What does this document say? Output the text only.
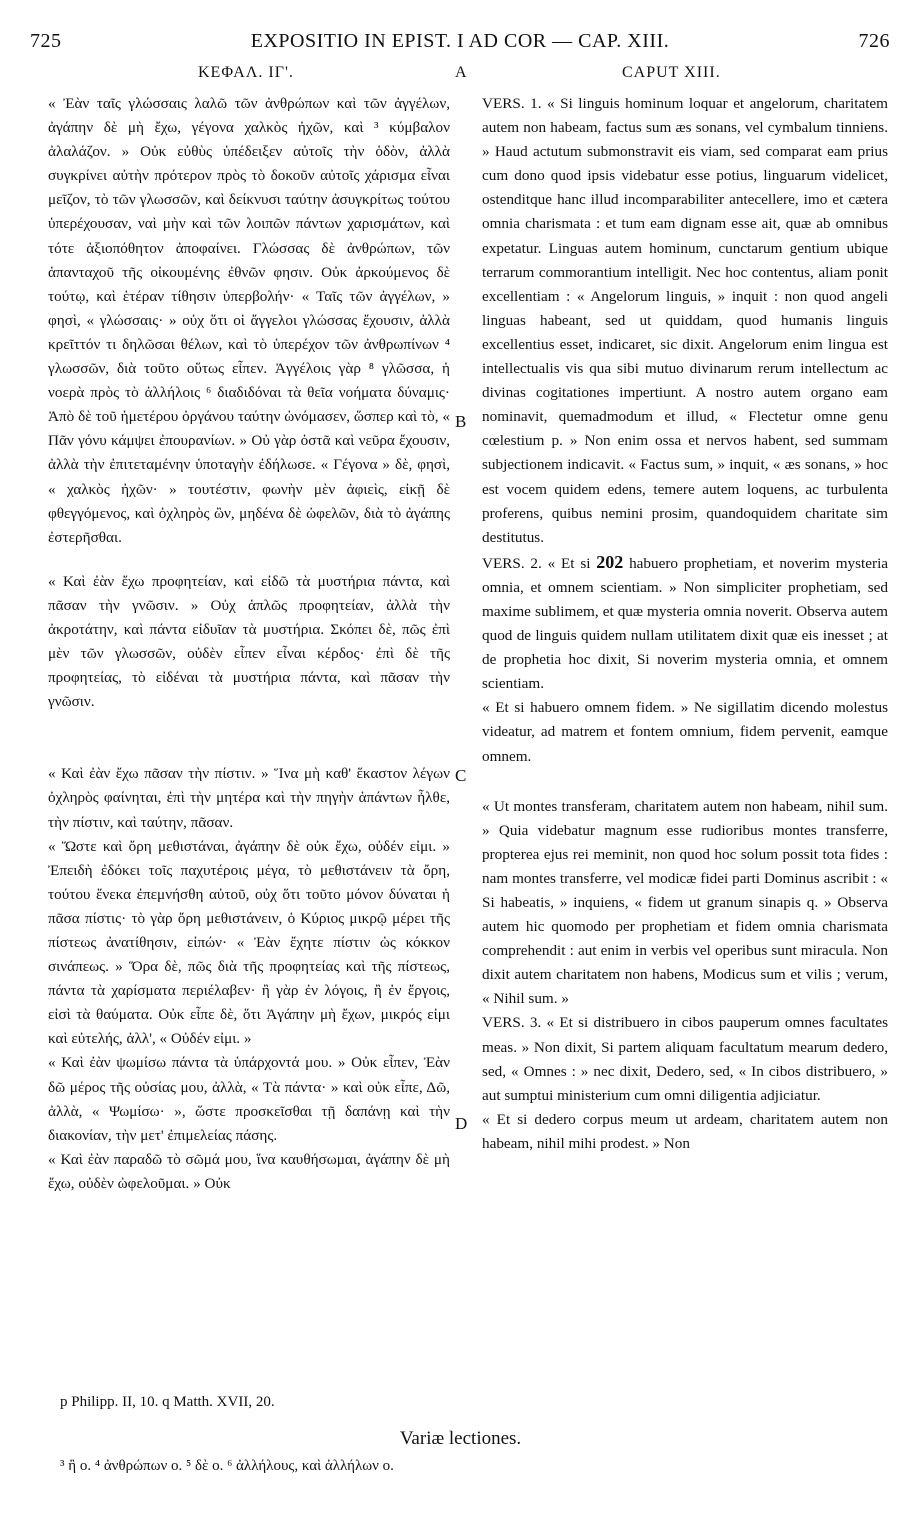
725	EXPOSITIO IN EPIST. I AD COR — CAP. XIII.	726
ΚΕΦΑΛ. ΙΓ'.	A	CAPUT XIII.
B
C
D

« Ἐὰν ταῖς γλώσσαις λαλῶ τῶν ἀνθρώπων καὶ τῶν ἀγγέλων, ἀγάπην δὲ μὴ ἔχω, γέγονα χαλκὸς ἠχῶν, καὶ ³ κύμβαλον ἀλαλάζον. » Οὐκ εὐθὺς ὑπέδειξεν αὐτοῖς τὴν ὁδὸν, ἀλλὰ συγκρίνει αὐτὴν πρότερον πρὸς τὸ δοκοῦν αὐτοῖς χάρισμα εἶναι μεῖζον, τὸ τῶν γλωσσῶν, καὶ δείκνυσι ταύτην ἀσυγκρίτως τούτου ὑπερέχουσαν, ναὶ μὴν καὶ τῶν λοιπῶν πάντων χαρισμάτων, καὶ τότε ἀξιοπόθητον ἀποφαίνει. Γλώσσας δὲ ἀνθρώπων, τῶν ἁπανταχοῦ τῆς οἰκουμένης ἐθνῶν φησιν. Οὐκ ἀρκούμενος δὲ τούτῳ, καὶ ἑτέραν τίθησιν ὑπερβολήν· « Ταῖς τῶν ἀγγέλων, » φησὶ, « γλώσσαις· » οὐχ ὅτι οἱ ἄγγελοι γλώσσας ἔχουσιν, ἀλλὰ κρεῖττόν τι δηλῶσαι θέλων, καὶ τὸ ὑπερέχον τῶν ἀνθρωπίνων ⁴ γλωσσῶν, διὰ τοῦτο οὕτως εἶπεν. Ἀγγέλοις γὰρ ⁸ γλῶσσα, ἡ νοερὰ πρὸς τὸ ἀλλήλοις ⁶ διαδιδόναι τὰ θεῖα νοήματα δύναμις· Ἀπὸ δὲ τοῦ ἡμετέρου ὀργάνου ταύτην ὠνόμασεν, ὥσπερ καὶ τὸ, « Πᾶν γόνυ κάμψει ἐπουρανίων. » Οὐ γὰρ ὀστᾶ καὶ νεῦρα ἔχουσιν, ἀλλὰ τὴν ἐπιτεταμένην ὑποταγὴν ἐδήλωσε. « Γέγονα » δὲ, φησὶ, « χαλκὸς ἠχῶν· » τουτέστιν, φωνὴν μὲν ἀφιεὶς, εἰκῇ δὲ φθεγγόμενος, καὶ ὀχληρὸς ὢν, μηδένα δὲ ὠφελῶν, διὰ τὸ ἀγάπης ἐστερῆσθαι.

« Καὶ ἐὰν ἔχω προφητείαν, καὶ εἰδῶ τὰ μυστήρια πάντα, καὶ πᾶσαν τὴν γνῶσιν. » Οὐχ ἁπλῶς προφητείαν, ἀλλὰ τὴν ἀκροτάτην, καὶ πάντα εἰδυῖαν τὰ μυστήρια. Σκόπει δὲ, πῶς ἐπὶ μὲν τῶν γλωσσῶν, οὐδὲν εἶπεν εἶναι κέρδος· ἐπὶ δὲ τῆς προφητείας, τὸ εἰδέναι τὰ μυστήρια πάντα, καὶ πᾶσαν τὴν γνῶσιν.

« Καὶ ἐὰν ἔχω πᾶσαν τὴν πίστιν. » Ἵνα μὴ καθ' ἕκαστον λέγων ὀχληρὸς φαίνηται, ἐπὶ τὴν μητέρα καὶ τὴν πηγὴν ἁπάντων ἦλθε, τὴν πίστιν, καὶ ταύτην, πᾶσαν.

« Ὥστε καὶ ὄρη μεθιστάναι, ἀγάπην δὲ οὐκ ἔχω, οὐδέν εἰμι. » Ἐπειδὴ ἐδόκει τοῖς παχυτέροις μέγα, τὸ μεθιστάνειν τὰ ὄρη, τούτου ἕνεκα ἐπεμνήσθη αὐτοῦ, οὐχ ὅτι τοῦτο μόνον δύναται ἡ πᾶσα πίστις· τὸ γὰρ ὄρη μεθιστάνειν, ὁ Κύριος μικρῷ μέρει τῆς πίστεως ἀνατίθησιν, εἰπών· « Ἐὰν ἔχητε πίστιν ὡς κόκκον σινάπεως. » Ὅρα δὲ, πῶς διὰ τῆς προφητείας καὶ τῆς πίστεως, πάντα τὰ χαρίσματα περιέλαβεν· ἢ γὰρ ἐν λόγοις, ἢ ἐν ἔργοις, εἰσὶ τὰ θαύματα. Οὐκ εἶπε δὲ, ὅτι Ἀγάπην μὴ ἔχων, μικρός εἰμι καὶ εὐτελής, ἀλλ', « Οὐδέν εἰμι. »

« Καὶ ἐὰν ψωμίσω πάντα τὰ ὑπάρχοντά μου. » Οὐκ εἶπεν, Ἐὰν δῶ μέρος τῆς οὐσίας μου, ἀλλὰ, « Τὰ πάντα· » καὶ οὐκ εἶπε, Δῶ, ἀλλὰ, « Ψωμίσω· », ὥστε προσκεῖσθαι τῇ δαπάνῃ καὶ τὴν διακονίαν, τὴν μετ' ἐπιμελείας πάσης.

« Καὶ ἐὰν παραδῶ τὸ σῶμά μου, ἵνα καυθήσωμαι, ἀγάπην δὲ μὴ ἔχω, οὐδὲν ὠφελοῦμαι. » Οὐκ

VERS. 1. « Si linguis hominum loquar et angelorum, charitatem autem non habeam, factus sum æs sonans, vel cymbalum tinniens. » Haud actutum submonstravit eis viam, sed comparat eam prius cum dono quod ipsis videbatur esse potius, linguarum videlicet, ostenditque hanc illud incomparabiliter antecellere, imo et cætera omnia charismata : et tum eam dignam esse ait, quæ ab omnibus expetatur. Linguas autem hominum, cunctarum gentium ubique terrarum commorantium intelligit. Nec hoc contentus, aliam ponit excellentiam : « Angelorum linguis, » inquit : non quod angeli linguas habeant, sed ut quiddam, quod humanis linguis excellentius esset, indicaret, sic dixit. Angelorum enim lingua est intellectualis vis qua sibi mutuo divinarum rerum intellectum ac divinas cogitationes impertiunt. A nostro autem organo eam nominavit, quemadmodum et illud, « Flectetur omne genu cœlestium p. » Non enim ossa et nervos habent, sed summam subjectionem indicavit. « Factus sum, » inquit, « æs sonans, » hoc est vocem quidem edens, temere autem loquens, ac turbulenta proferens, quibus nemini prosim, quandoquidem charitate sim destitutus.

VERS. 2. « Et si 202 habuero prophetiam, et noverim mysteria omnia, et omnem scientiam. » Non simpliciter prophetiam, sed maxime sublimem, et quæ mysteria omnia noverit. Observa autem quod de linguis quidem nullam utilitatem dixit quæ eis inesset ; at de prophetia hoc dixit, Si noverim mysteria omnia, et omnem scientiam.

« Et si habuero omnem fidem. » Ne sigillatim dicendo molestus videatur, ad matrem et fontem omnium, fidem pervenit, eamque omnem.

« Ut montes transferam, charitatem autem non habeam, nihil sum. » Quia videbatur magnum esse rudioribus montes transferre, propterea ejus rei meminit, non quod hoc solum possit tota fides : nam montes transferre, vel modicæ fidei parti Dominus ascribit : « Si habeatis, » inquiens, « fidem ut granum sinapis q. » Observa autem hic quomodo per prophetiam et fidem omnia charismata comprehendit : aut enim in verbis vel operibus sunt miracula. Non dixit autem charitatem non habens, Modicus sum et vilis ; verum, « Nihil sum. »

VERS. 3. « Et si distribuero in cibos pauperum omnes facultates meas. » Non dixit, Si partem aliquam facultatum mearum dedero, sed, « Omnes : » nec dixit, Dedero, sed, « In cibos distribuero, » aut sumptui ministerium cum omni diligentia adjiciatur.

« Et si dedero corpus meum ut ardeam, charitatem autem non habeam, nihil mihi prodest. » Non

p Philipp. II, 10. q Matth. XVII, 20.
Variæ lectiones.
³ ἢ ο. ⁴ ἀνθρώπων ο. ⁵ δὲ ο. ⁶ ἀλλήλους, καὶ ἀλλήλων ο.
